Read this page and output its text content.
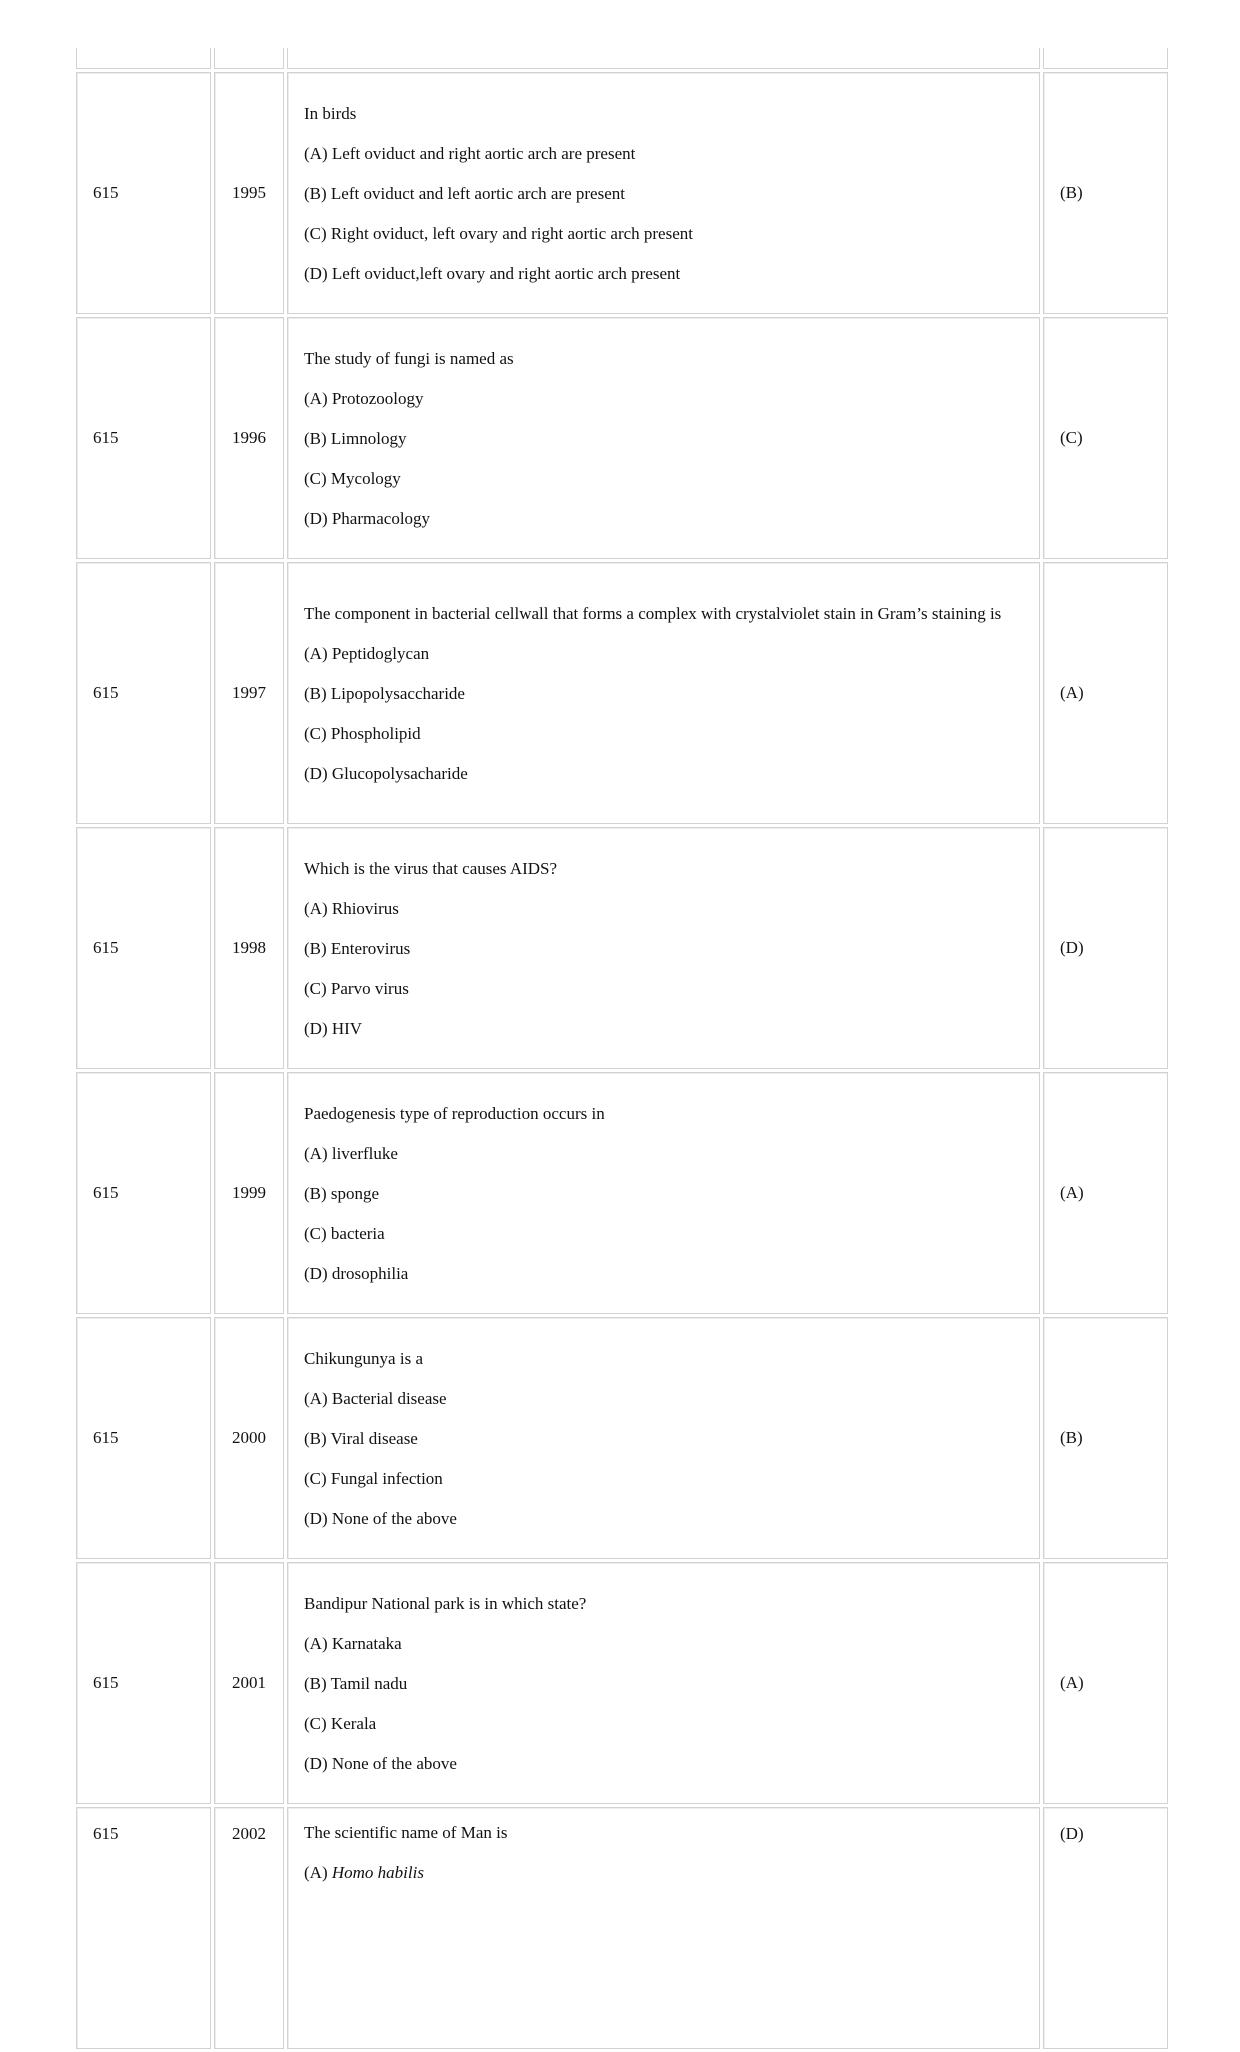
615	1995	In birds

(A) Left oviduct and right aortic arch are present

(B) Left oviduct and left aortic arch are present

(C) Right oviduct, left ovary and right aortic arch present

(D) Left oviduct,left ovary and right aortic arch present	(B)
615	1996	The study of fungi is named as

(A) Protozoology

(B) Limnology

(C) Mycology

(D) Pharmacology	(C)
615	1997	The component in bacterial cellwall that forms a complex with crystalviolet stain in Gram’s staining is

(A) Peptidoglycan

(B) Lipopolysaccharide

(C) Phospholipid

(D) Glucopolysacharide	(A)
615	1998	Which is the virus that causes AIDS?

(A) Rhiovirus

(B) Enterovirus

(C) Parvo virus

(D) HIV	(D)
615	1999	Paedogenesis type of reproduction occurs in

(A) liverfluke

(B) sponge

(C) bacteria

(D) drosophilia	(A)
615	2000	Chikungunya is a

(A) Bacterial disease

(B) Viral disease

(C) Fungal infection

(D) None of the above	(B)
615	2001	Bandipur National park is in which state?

(A) Karnataka

(B) Tamil nadu

(C) Kerala

(D) None of the above	(A)
615	2002	The scientific name of Man is

(A) Homo habilis	(D)
